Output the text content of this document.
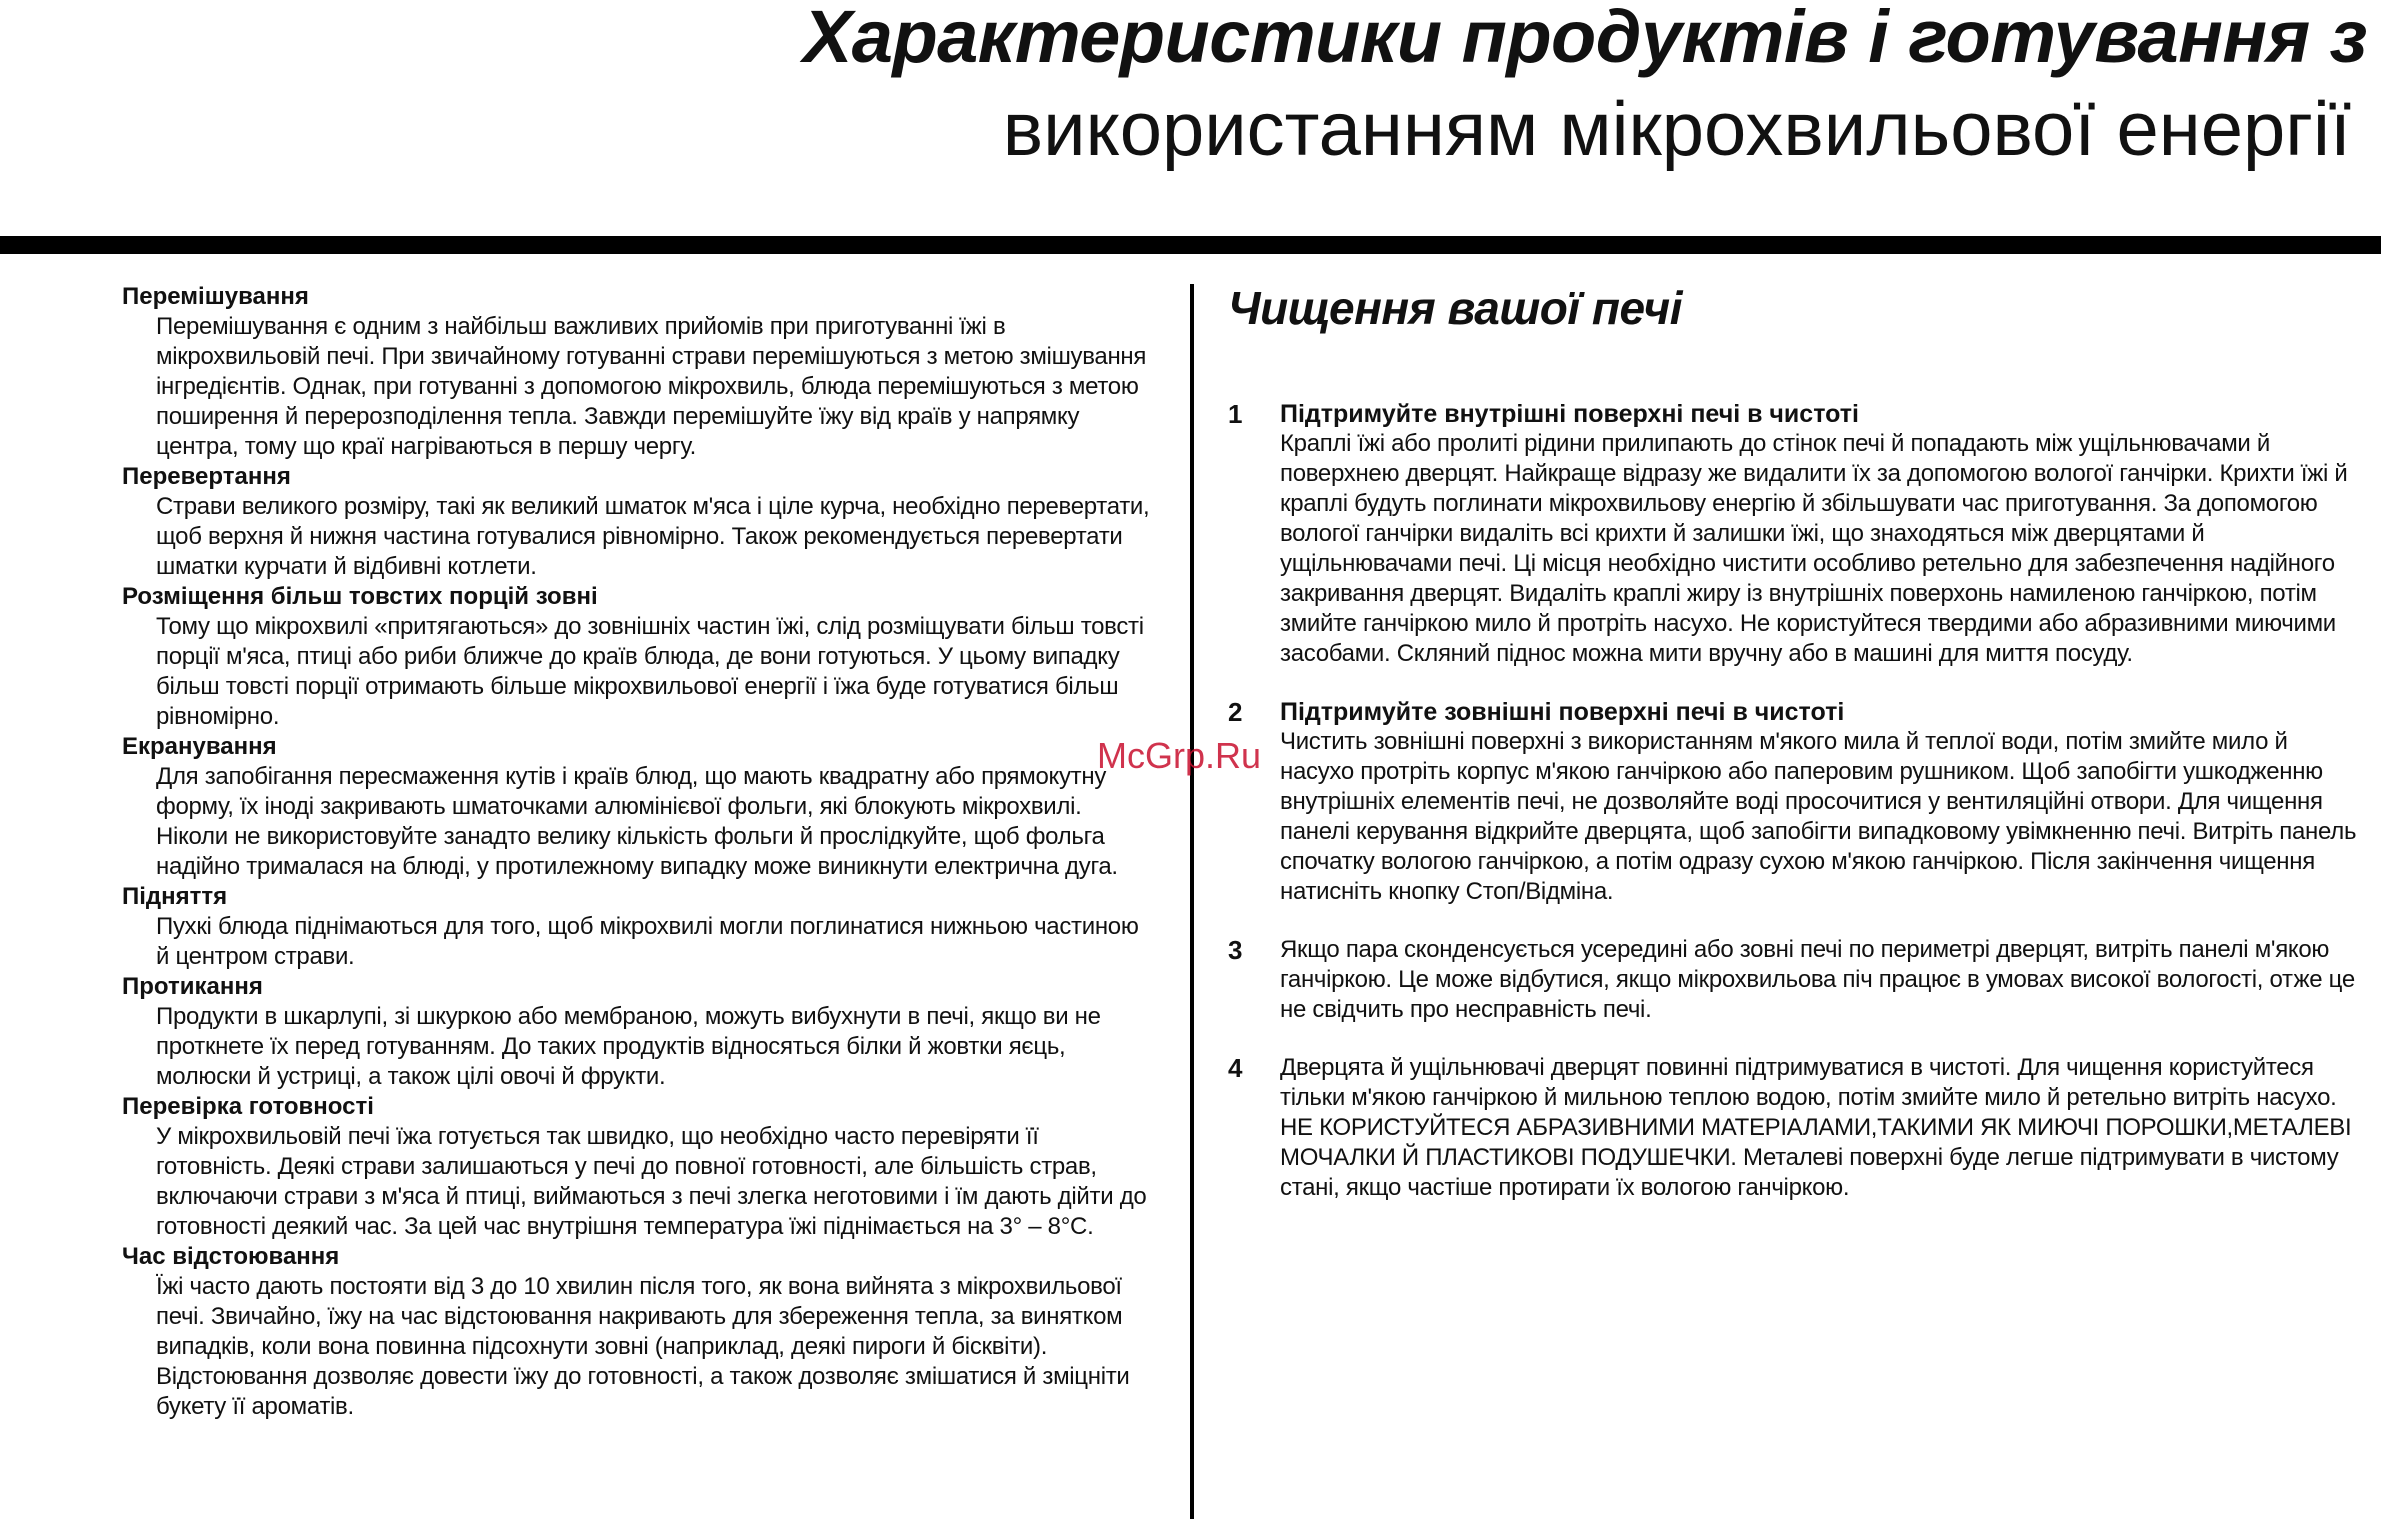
Характеристики продуктів і готування з
використанням мікрохвильової енергії
Перемішування
Перемішування є одним з найбільш важливих прийомів при приготуванні їжі в мікрохвильовій печі. При звичайному готуванні страви перемішуються з метою змішування інгредієнтів. Однак, при готуванні з допомогою мікрохвиль, блюда перемішуються з метою поширення й перерозподілення тепла. Завжди перемішуйте їжу від країв у напрямку центра, тому що краї нагріваються в першу чергу.
Перевертання
Страви великого розміру, такі як великий шматок м'яса і ціле курча, необхідно перевертати, щоб верхня й нижня частина готувалися рівномірно. Також рекомендується перевертати шматки курчати й відбивні котлети.
Розміщення більш товстих порцій зовні
Тому що мікрохвилі «притягаються» до зовнішніх частин їжі, слід розміщувати більш товсті порції м'яса, птиці або риби ближче до країв блюда, де вони готуються. У цьому випадку більш товсті порції отримають більше мікрохвильової енергії і їжа буде готуватися більш рівномірно.
Екранування
Для запобігання пересмаження кутів і країв блюд, що мають квадратну або прямокутну форму, їх іноді закривають шматочками алюмінієвої фольги, які блокують мікрохвилі. Ніколи не використовуйте занадто велику кількість фольги й прослідкуйте, щоб фольга надійно трималася на блюді, у протилежному випадку може виникнути електрична дуга.
Підняття
Пухкі блюда піднімаються для того, щоб мікрохвилі могли поглинатися нижньою частиною й центром страви.
Протикання
Продукти в шкарлупі, зі шкуркою або мембраною, можуть вибухнути в печі, якщо ви не проткнете їх перед готуванням. До таких продуктів відносяться білки й жовтки яєць, молюски й устриці, а також цілі овочі й фрукти.
Перевірка готовності
У мікрохвильовій печі їжа готується так швидко, що необхідно часто перевіряти її готовність. Деякі страви залишаються у печі до повної готовності, але більшість страв, включаючи страви з м'яса й птиці, виймаються з печі злегка неготовими і їм дають дійти до готовності деякий час. За цей час внутрішня температура їжі піднімається на 3° – 8°C.
Час відстоювання
Їжі часто дають постояти від 3 до 10 хвилин після того, як вона вийнята з мікрохвильової печі. Звичайно, їжу на час відстоювання накривають для збереження тепла, за винятком випадків, коли вона повинна підсохнути зовні (наприклад, деякі пироги й бісквіти). Відстоювання дозволяє довести їжу до готовності, а також дозволяє змішатися й зміцніти букету її ароматів.
Чищення вашої печі
1	Підтримуйте внутрішні поверхні печі в чистоті
Краплі їжі або пролиті рідини прилипають до стінок печі й попадають між ущільнювачами й поверхнею дверцят. Найкраще відразу же видалити їх за допомогою вологої ганчірки. Крихти їжі й краплі будуть поглинати мікрохвильову енергію й збільшувати час приготування. За допомогою вологої ганчірки видаліть всі крихти й залишки їжі, що знаходяться між дверцятами й ущільнювачами печі. Ці місця необхідно чистити особливо ретельно для забезпечення надійного закривання дверцят. Видаліть краплі жиру із внутрішніх поверхонь намиленою ганчіркою, потім змийте ганчіркою мило й протріть насухо. Не користуйтеся твердими або абразивними миючими засобами. Скляний піднос можна мити вручну або в машині для миття посуду.
2	Підтримуйте зовнішні поверхні печі в чистоті
Чистить зовнішні поверхні з використанням м'якого мила й теплої води, потім змийте мило й насухо протріть корпус м'якою ганчіркою або паперовим рушником. Щоб запобігти ушкодженню внутрішніх елементів печі, не дозволяйте воді просочитися у вентиляційні отвори. Для чищення панелі керування відкрийте дверцята, щоб запобігти випадковому увімкненню печі. Витріть панель спочатку вологою ганчіркою, а потім одразу сухою м'якою ганчіркою. Після закінчення чищення натисніть кнопку Стоп/Відміна.
3	Якщо пара сконденсується усередині або зовні печі по периметрі дверцят, витріть панелі м'якою ганчіркою. Це може відбутися, якщо мікрохвильова піч працює в умовах високої вологості, отже це не свідчить про несправність печі.
4	Дверцята й ущільнювачі дверцят повинні підтримуватися в чистоті. Для чищення користуйтеся тільки м'якою ганчіркою й мильною теплою водою, потім змийте мило й ретельно витріть насухо. НЕ КОРИСТУЙТЕСЯ АБРАЗИВНИМИ МАТЕРІАЛАМИ,ТАКИМИ ЯК МИЮЧІ ПОРОШКИ,МЕТАЛЕВІ МОЧАЛКИ Й ПЛАСТИКОВІ ПОДУШЕЧКИ. Металеві поверхні буде легше підтримувати в чистому стані, якщо частіше протирати їх вологою ганчіркою.
McGrp.Ru
